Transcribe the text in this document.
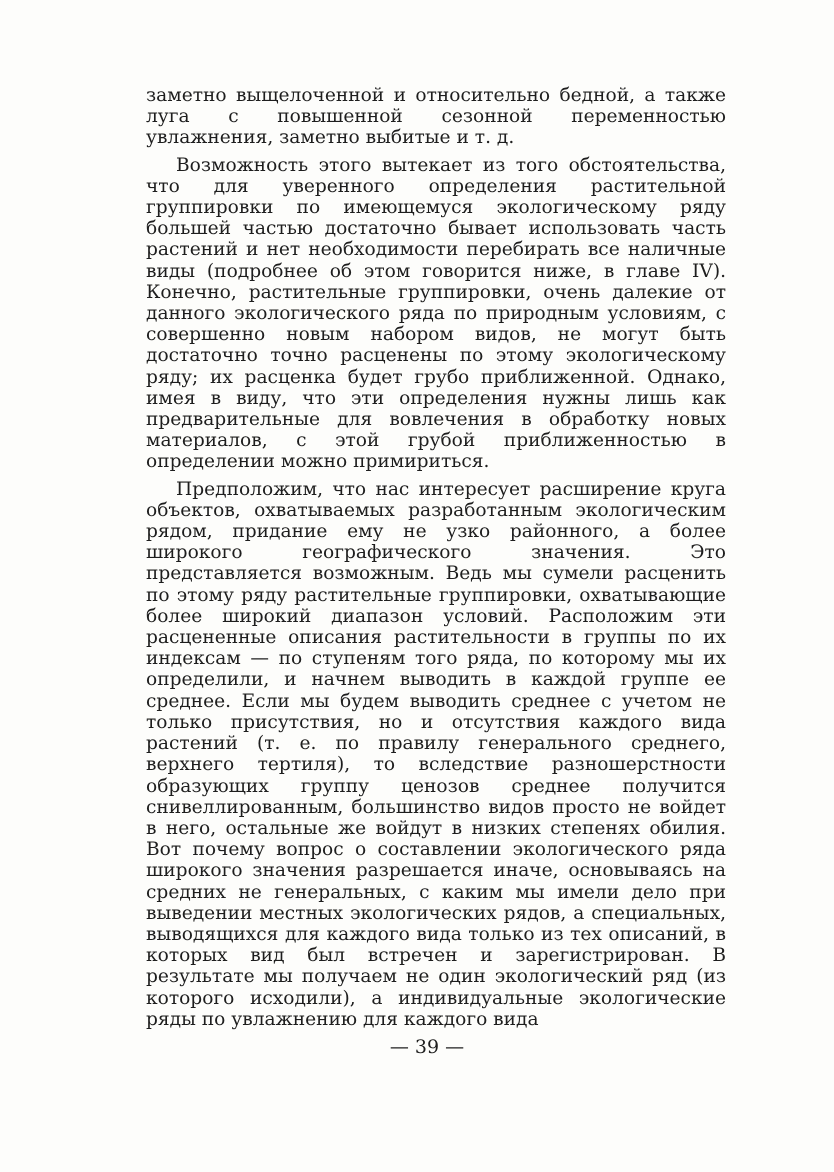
заметно выщелоченной и относительно бедной, а также луга с повышенной сезонной переменностью увлажнения, заметно выбитые и т. д.

Возможность этого вытекает из того обстоятельства, что для уверенного определения растительной группировки по имеющемуся экологическому ряду большей частью достаточно бывает использовать часть растений и нет необходимости перебирать все наличные виды (подробнее об этом говорится ниже, в главе IV). Конечно, растительные группировки, очень далекие от данного экологического ряда по природным условиям, с совершенно новым набором видов, не могут быть достаточно точно расценены по этому экологическому ряду; их расценка будет грубо приближенной. Однако, имея в виду, что эти определения нужны лишь как предварительные для вовлечения в обработку новых материалов, с этой грубой приближенностью в определении можно примириться.

Предположим, что нас интересует расширение круга объектов, охватываемых разработанным экологическим рядом, придание ему не узко районного, а более широкого географического значения. Это представляется возможным. Ведь мы сумели расценить по этому ряду растительные группировки, охватывающие более широкий диапазон условий. Расположим эти расцененные описания растительности в группы по их индексам — по ступеням того ряда, по которому мы их определили, и начнем выводить в каждой группе ее среднее. Если мы будем выводить среднее с учетом не только присутствия, но и отсутствия каждого вида растений (т. е. по правилу генерального среднего, верхнего тертиля), то вследствие разношерстности образующих группу ценозов среднее получится снивеллированным, большинство видов просто не войдет в него, остальные же войдут в низких степенях обилия. Вот почему вопрос о составлении экологического ряда широкого значения разрешается иначе, основываясь на средних не генеральных, с каким мы имели дело при выведении местных экологических рядов, а специальных, выводящихся для каждого вида только из тех описаний, в которых вид был встречен и зарегистрирован. В результате мы получаем не один экологический ряд (из которого исходили), а индивидуальные экологические ряды по увлажнению для каждого вида

— 39 —
